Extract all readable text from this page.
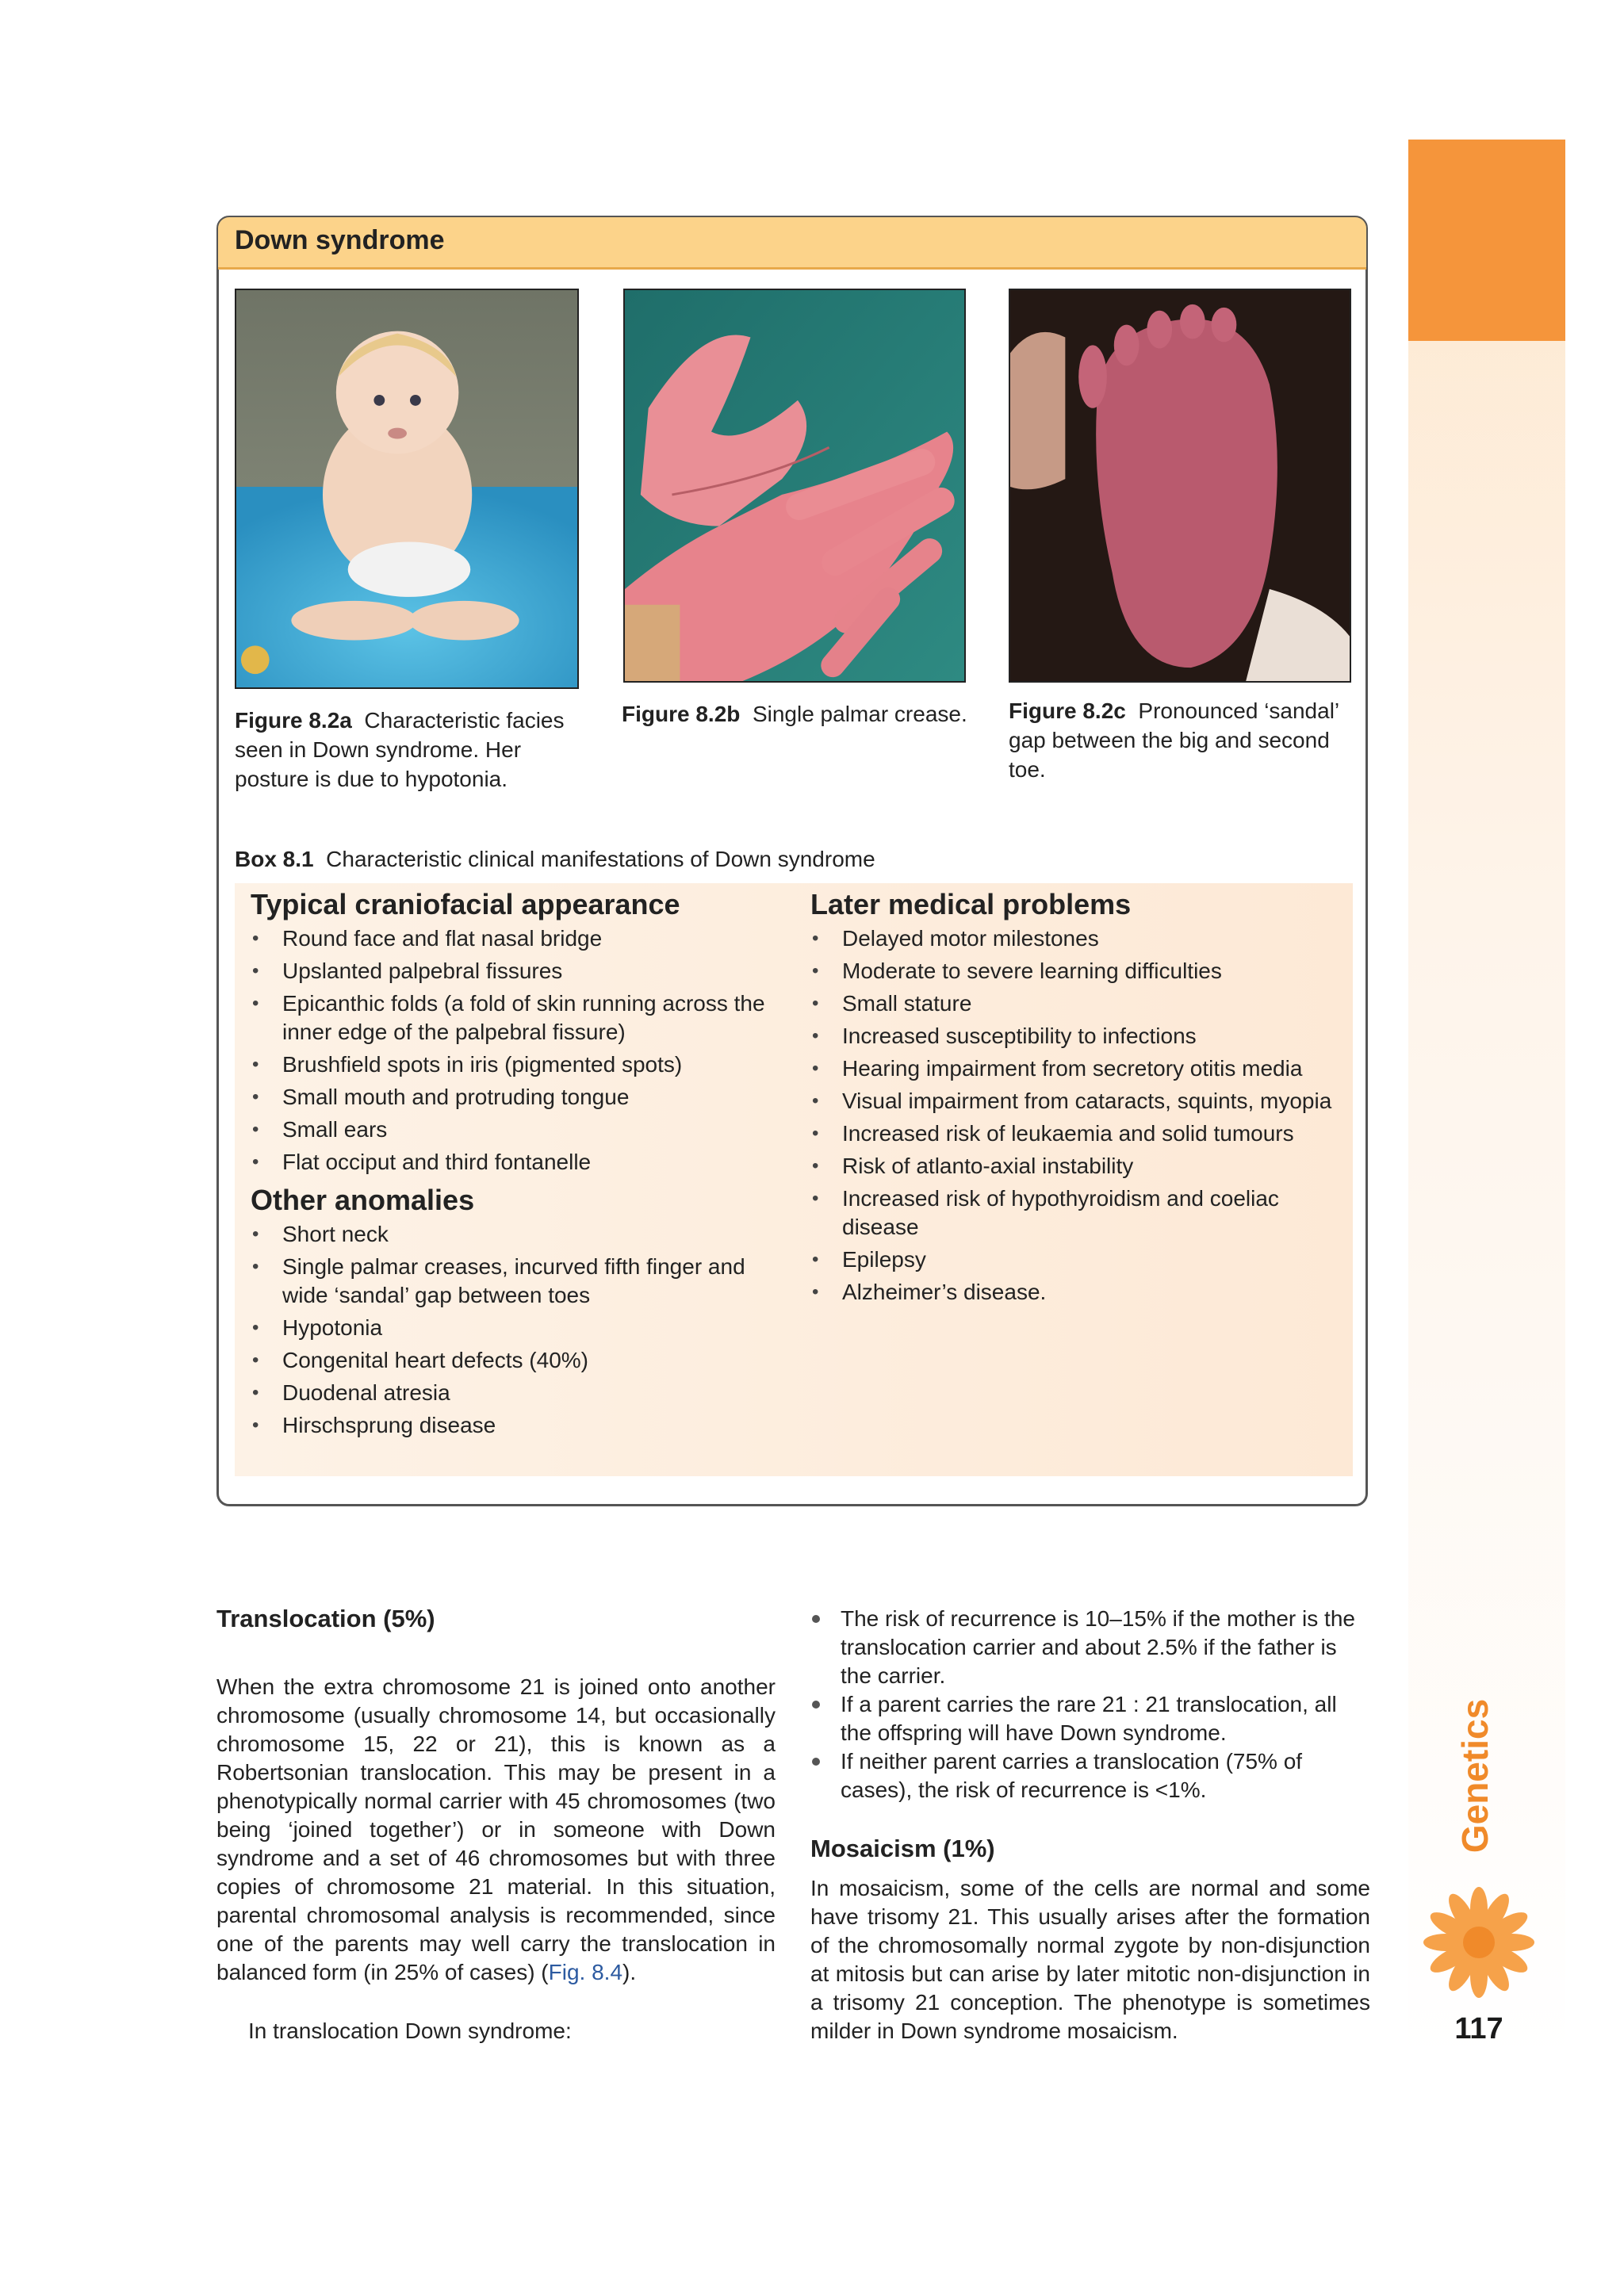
Genetics
117
Down syndrome
Figure 8.2a Characteristic facies seen in Down syndrome. Her posture is due to hypotonia.
Figure 8.2b Single palmar crease. Figure 8.2c Pronounced ‘sandal’ gap between the big and second toe.
Box 8.1 Characteristic clinical manifestations of Down syndrome
Typical craniofacial appearance
• Round face and flat nasal bridge
• Upslanted palpebral fissures
• Epicanthic folds (a fold of skin running across the inner edge of the palpebral fissure)
• Brushfield spots in iris (pigmented spots)
• Small mouth and protruding tongue
• Small ears
• Flat occiput and third fontanelle
Other anomalies
• Short neck
• Single palmar creases, incurved fifth finger and wide ‘sandal’ gap between toes
• Hypotonia
• Congenital heart defects (40%)
• Duodenal atresia
• Hirschsprung disease
Later medical problems
• Delayed motor milestones
• Moderate to severe learning difficulties
• Small stature
• Increased susceptibility to infections
• Hearing impairment from secretory otitis media
• Visual impairment from cataracts, squints, myopia
• Increased risk of leukaemia and solid tumours
• Risk of atlanto-axial instability
• Increased risk of hypothyroidism and coeliac disease
• Epilepsy
• Alzheimer’s disease.
Translocation (5%)

When the extra chromosome 21 is joined onto another chromosome (usually chromosome 14, but occasionally chromosome 15, 22 or 21), this is known as a Robertsonian translocation. This may be present in a phenotypically normal carrier with 45 chromosomes (two being ‘joined together’) or in someone with Down syndrome and a set of 46 chromosomes but with three copies of chromosome 21 material. In this situation, parental chromosomal analysis is recommended, since one of the parents may well carry the translocation in balanced form (in 25% of cases) (Fig. 8.4).

In translocation Down syndrome:

The risk of recurrence is 10–15% if the mother is the translocation carrier and about 2.5% if the father is the carrier.
If a parent carries the rare 21 : 21 translocation, all the offspring will have Down syndrome.
If neither parent carries a translocation (75% of cases), the risk of recurrence is <1%.
Mosaicism (1%)

In mosaicism, some of the cells are normal and some have trisomy 21. This usually arises after the formation of the chromosomally normal zygote by non-disjunction at mitosis but can arise by later mitotic non-disjunction in a trisomy 21 conception. The phenotype is sometimes milder in Down syndrome mosaicism.
